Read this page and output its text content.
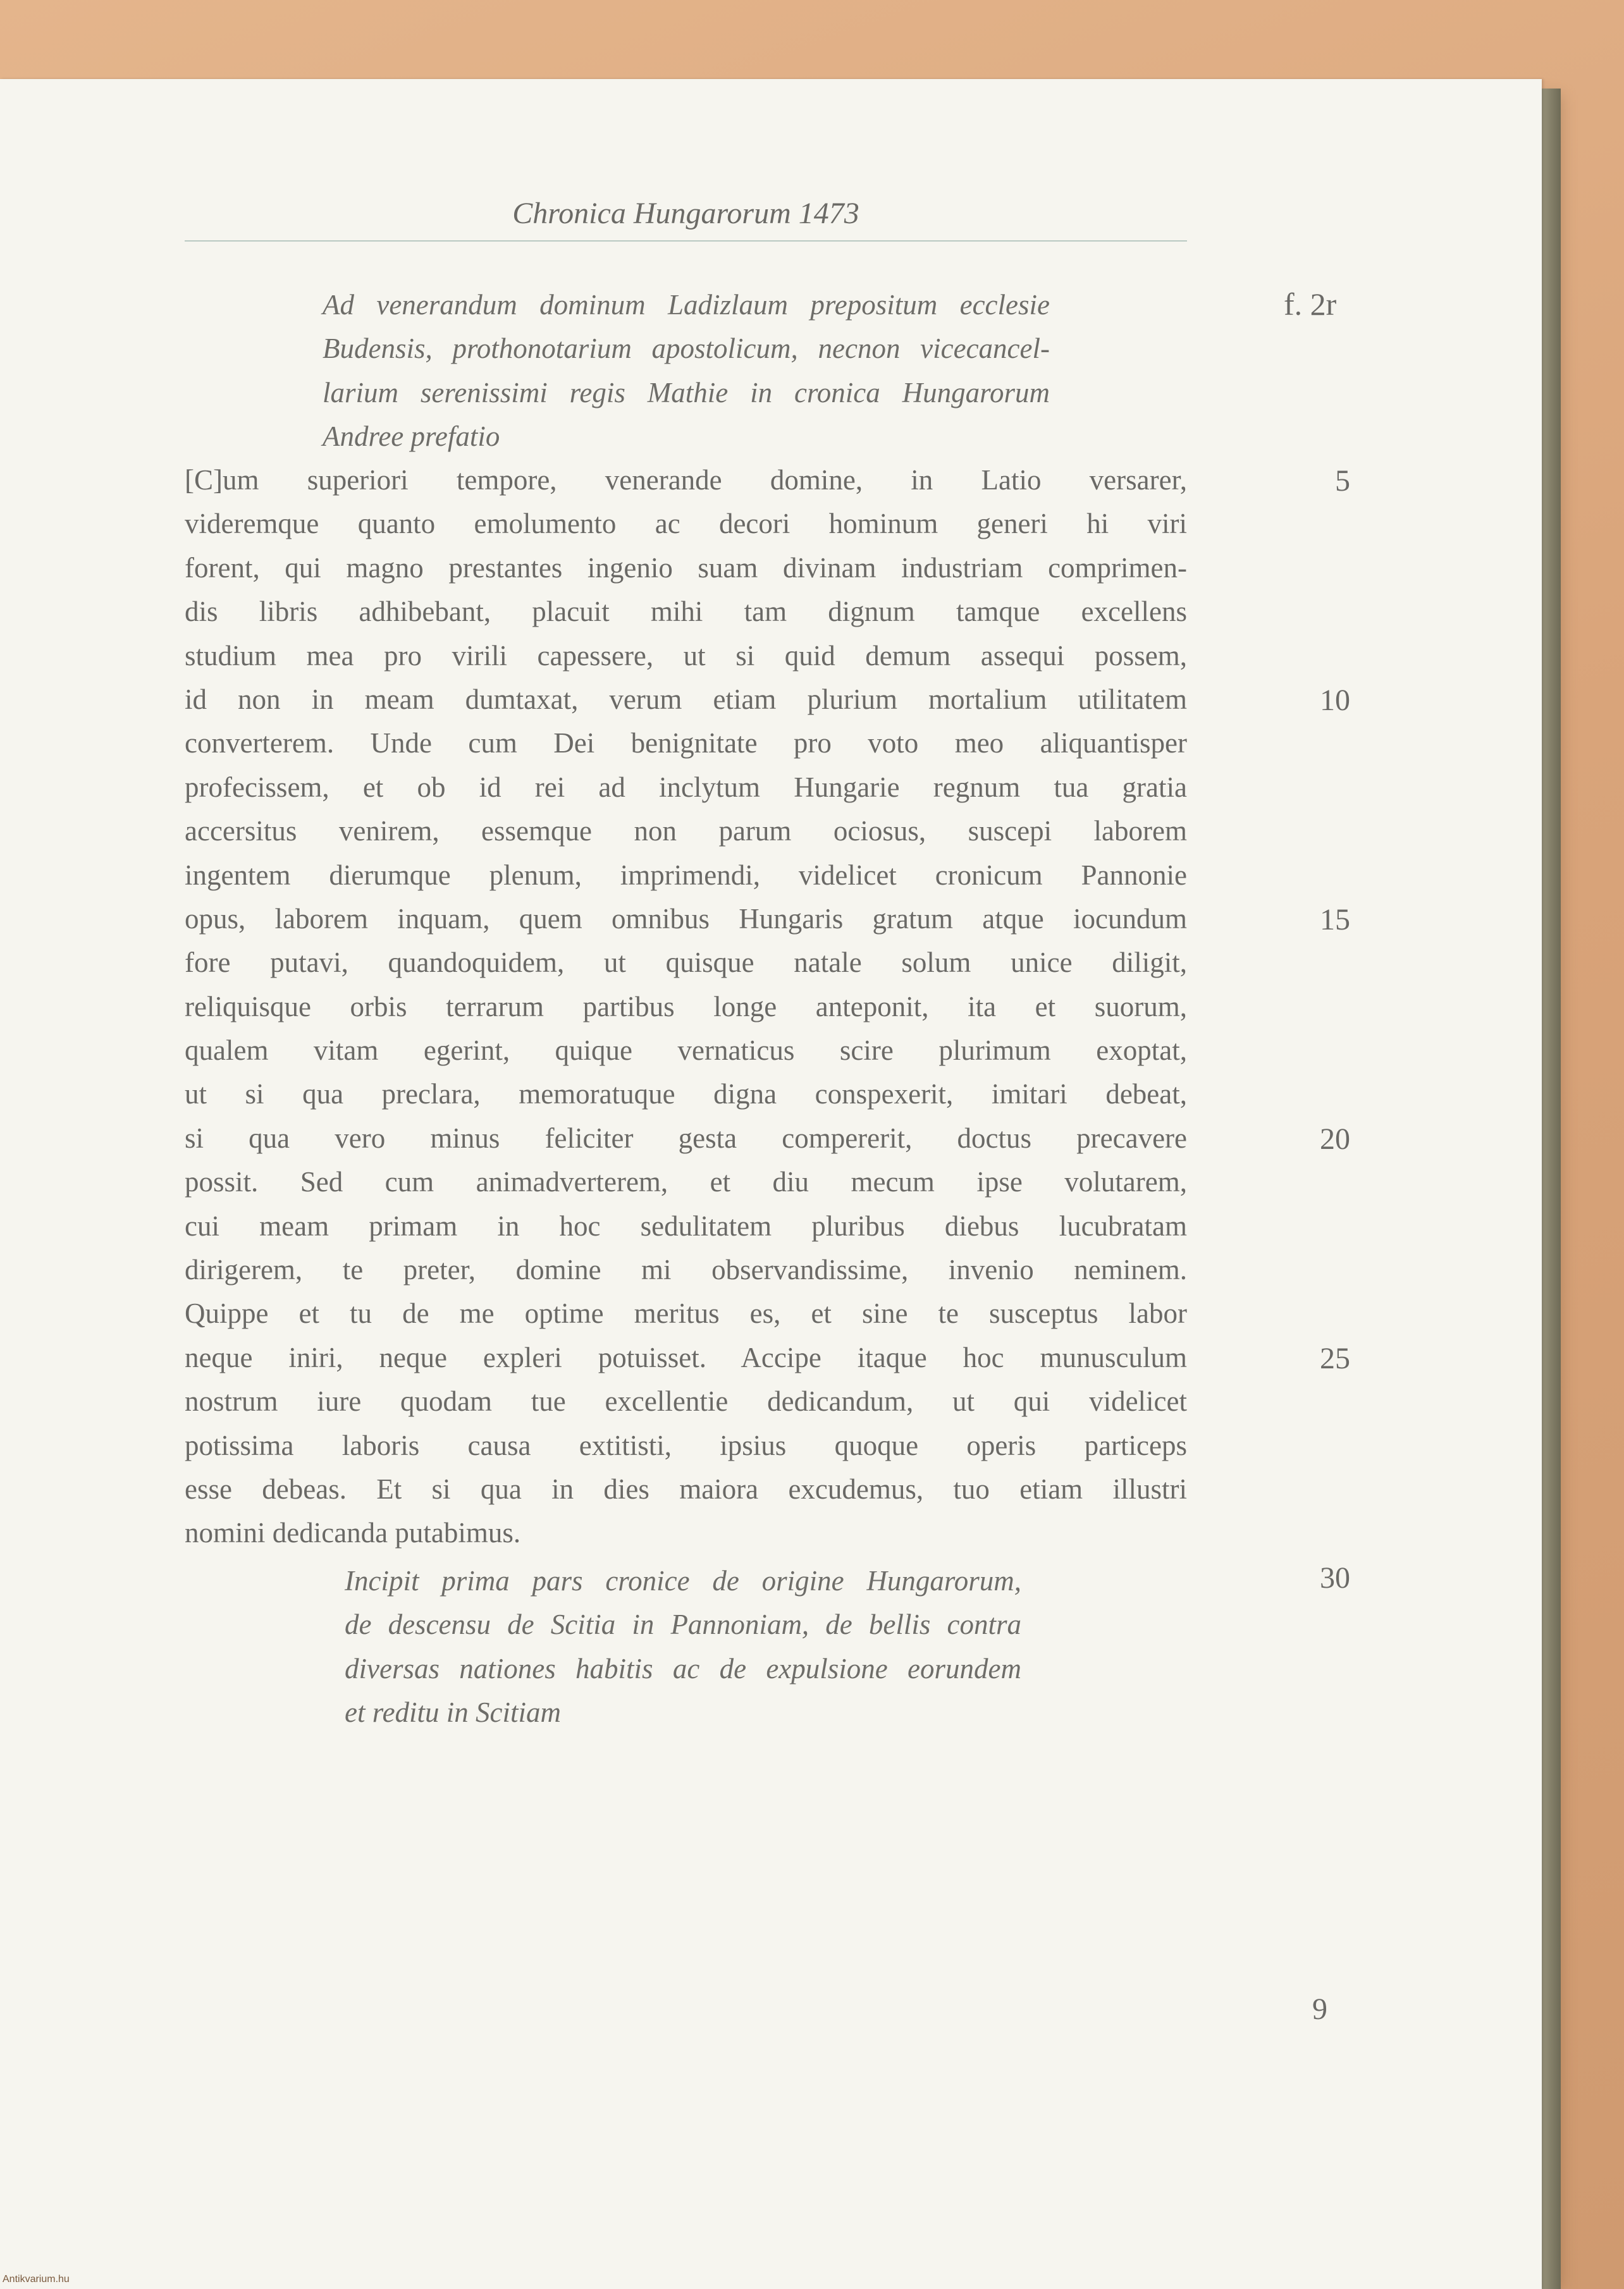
Chronica Hungarorum 1473
f. 2r
Ad venerandum dominum Ladizlaum prepositum ecclesie
Budensis, prothonotarium apostolicum, necnon vicecancel-
larium serenissimi regis Mathie in cronica Hungarorum
Andree prefatio
[C]um superiori tempore, venerande domine, in Latio versarer,
videremque quanto emolumento ac decori hominum generi hi viri
forent, qui magno prestantes ingenio suam divinam industriam comprimen-
dis libris adhibebant, placuit mihi tam dignum tamque excellens
studium mea pro virili capessere, ut si quid demum assequi possem,
id non in meam dumtaxat, verum etiam plurium mortalium utilitatem
converterem. Unde cum Dei benignitate pro voto meo aliquantisper
profecissem, et ob id rei ad inclytum Hungarie regnum tua gratia
accersitus venirem, essemque non parum ociosus, suscepi laborem
ingentem dierumque plenum, imprimendi, videlicet cronicum Pannonie
opus, laborem inquam, quem omnibus Hungaris gratum atque iocundum
fore putavi, quandoquidem, ut quisque natale solum unice diligit,
reliquisque orbis terrarum partibus longe anteponit, ita et suorum,
qualem vitam egerint, quique vernaticus scire plurimum exoptat,
ut si qua preclara, memoratuque digna conspexerit, imitari debeat,
si qua vero minus feliciter gesta compererit, doctus precavere
possit. Sed cum animadverterem, et diu mecum ipse volutarem,
cui meam primam in hoc sedulitatem pluribus diebus lucubratam
dirigerem, te preter, domine mi observandissime, invenio neminem.
Quippe et tu de me optime meritus es, et sine te susceptus labor
neque iniri, neque expleri potuisset. Accipe itaque hoc munusculum
nostrum iure quodam tue excellentie dedicandum, ut qui videlicet
potissima laboris causa extitisti, ipsius quoque operis particeps
esse debeas. Et si qua in dies maiora excudemus, tuo etiam illustri
nomini dedicanda putabimus.
Incipit prima pars cronice de origine Hungarorum,
de descensu de Scitia in Pannoniam, de bellis contra
diversas nationes habitis ac de expulsione eorundem
et reditu in Scitiam
5
10
15
20
25
30
9
Antikvarium.hu
